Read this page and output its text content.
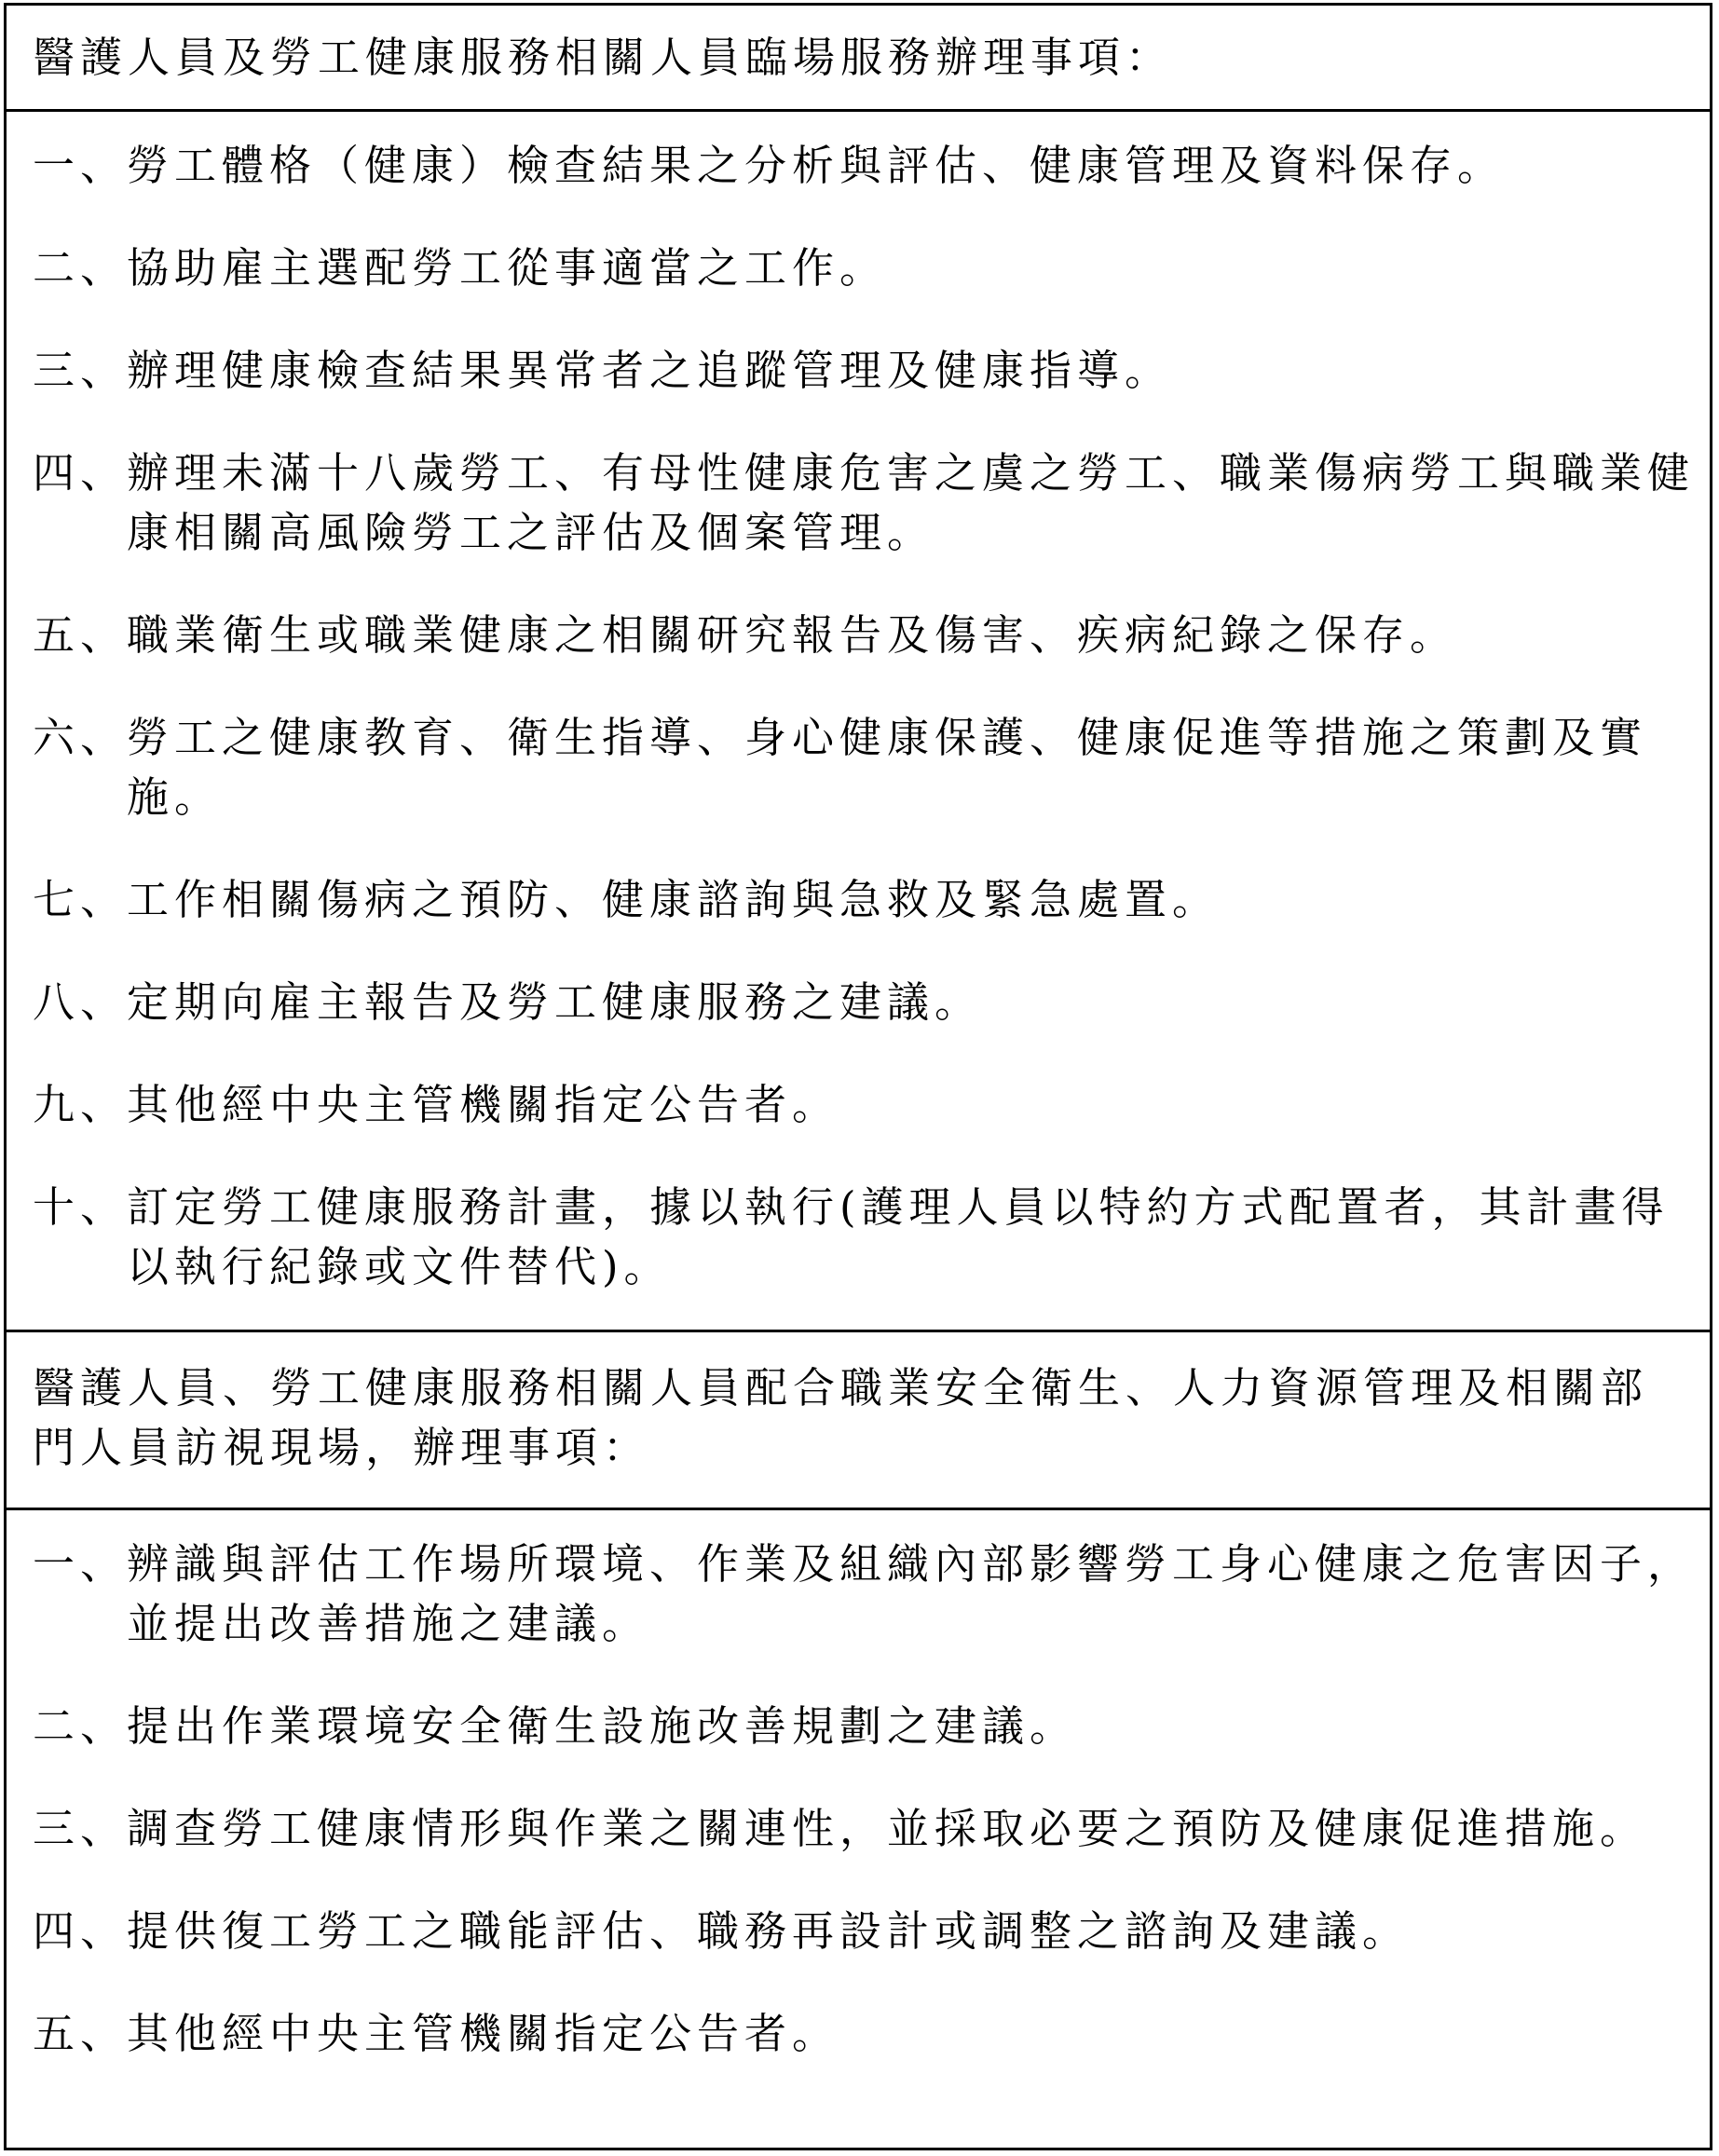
醫護人員及勞工健康服務相關人員臨場服務辦理事項：
一、
勞工體格（健康）檢查結果之分析與評估、健康管理及資料保存。
二、
協助雇主選配勞工從事適當之工作。
三、
辦理健康檢查結果異常者之追蹤管理及健康指導。
四、
辦理未滿十八歲勞工、有母性健康危害之虞之勞工、職業傷病勞工與職業健康相關高風險勞工之評估及個案管理。
五、
職業衛生或職業健康之相關研究報告及傷害、疾病紀錄之保存。
六、
勞工之健康教育、衛生指導、身心健康保護、健康促進等措施之策劃及實施。
七、
工作相關傷病之預防、健康諮詢與急救及緊急處置。
八、
定期向雇主報告及勞工健康服務之建議。
九、
其他經中央主管機關指定公告者。
十、
訂定勞工健康服務計畫，據以執行(護理人員以特約方式配置者，其計畫得以執行紀錄或文件替代)。
醫護人員、勞工健康服務相關人員配合職業安全衛生、人力資源管理及相關部門人員訪視現場，辦理事項：
一、
辨識與評估工作場所環境、作業及組織內部影響勞工身心健康之危害因子，並提出改善措施之建議。
二、
提出作業環境安全衛生設施改善規劃之建議。
三、
調查勞工健康情形與作業之關連性，並採取必要之預防及健康促進措施。
四、
提供復工勞工之職能評估、職務再設計或調整之諮詢及建議。
五、
其他經中央主管機關指定公告者。
